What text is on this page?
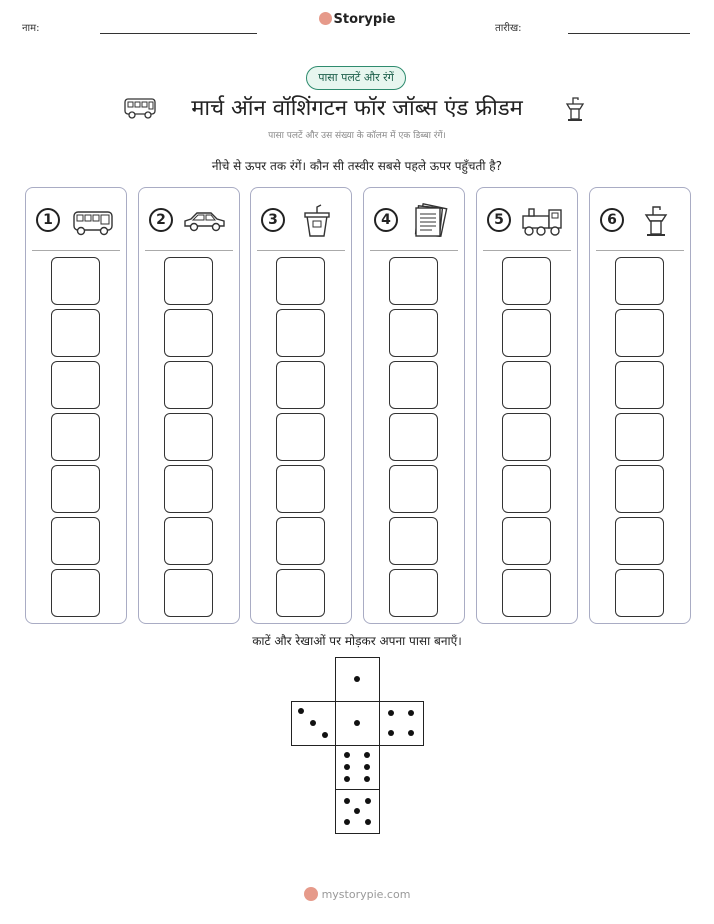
नाम:
Storypie
तारीख:
पासा पलटें और रंगें
मार्च ऑन वॉशिंगटन फॉर जॉब्स एंड फ्रीडम
पासा पलटें और उस संख्या के कॉलम में एक डिब्बा रंगें।
नीचे से ऊपर तक रंगें। कौन सी तस्वीर सबसे पहले ऊपर पहुँचती है?
1	2	3	4	5	6
काटें और रेखाओं पर मोड़कर अपना पासा बनाएँ।
mystorypie.com
